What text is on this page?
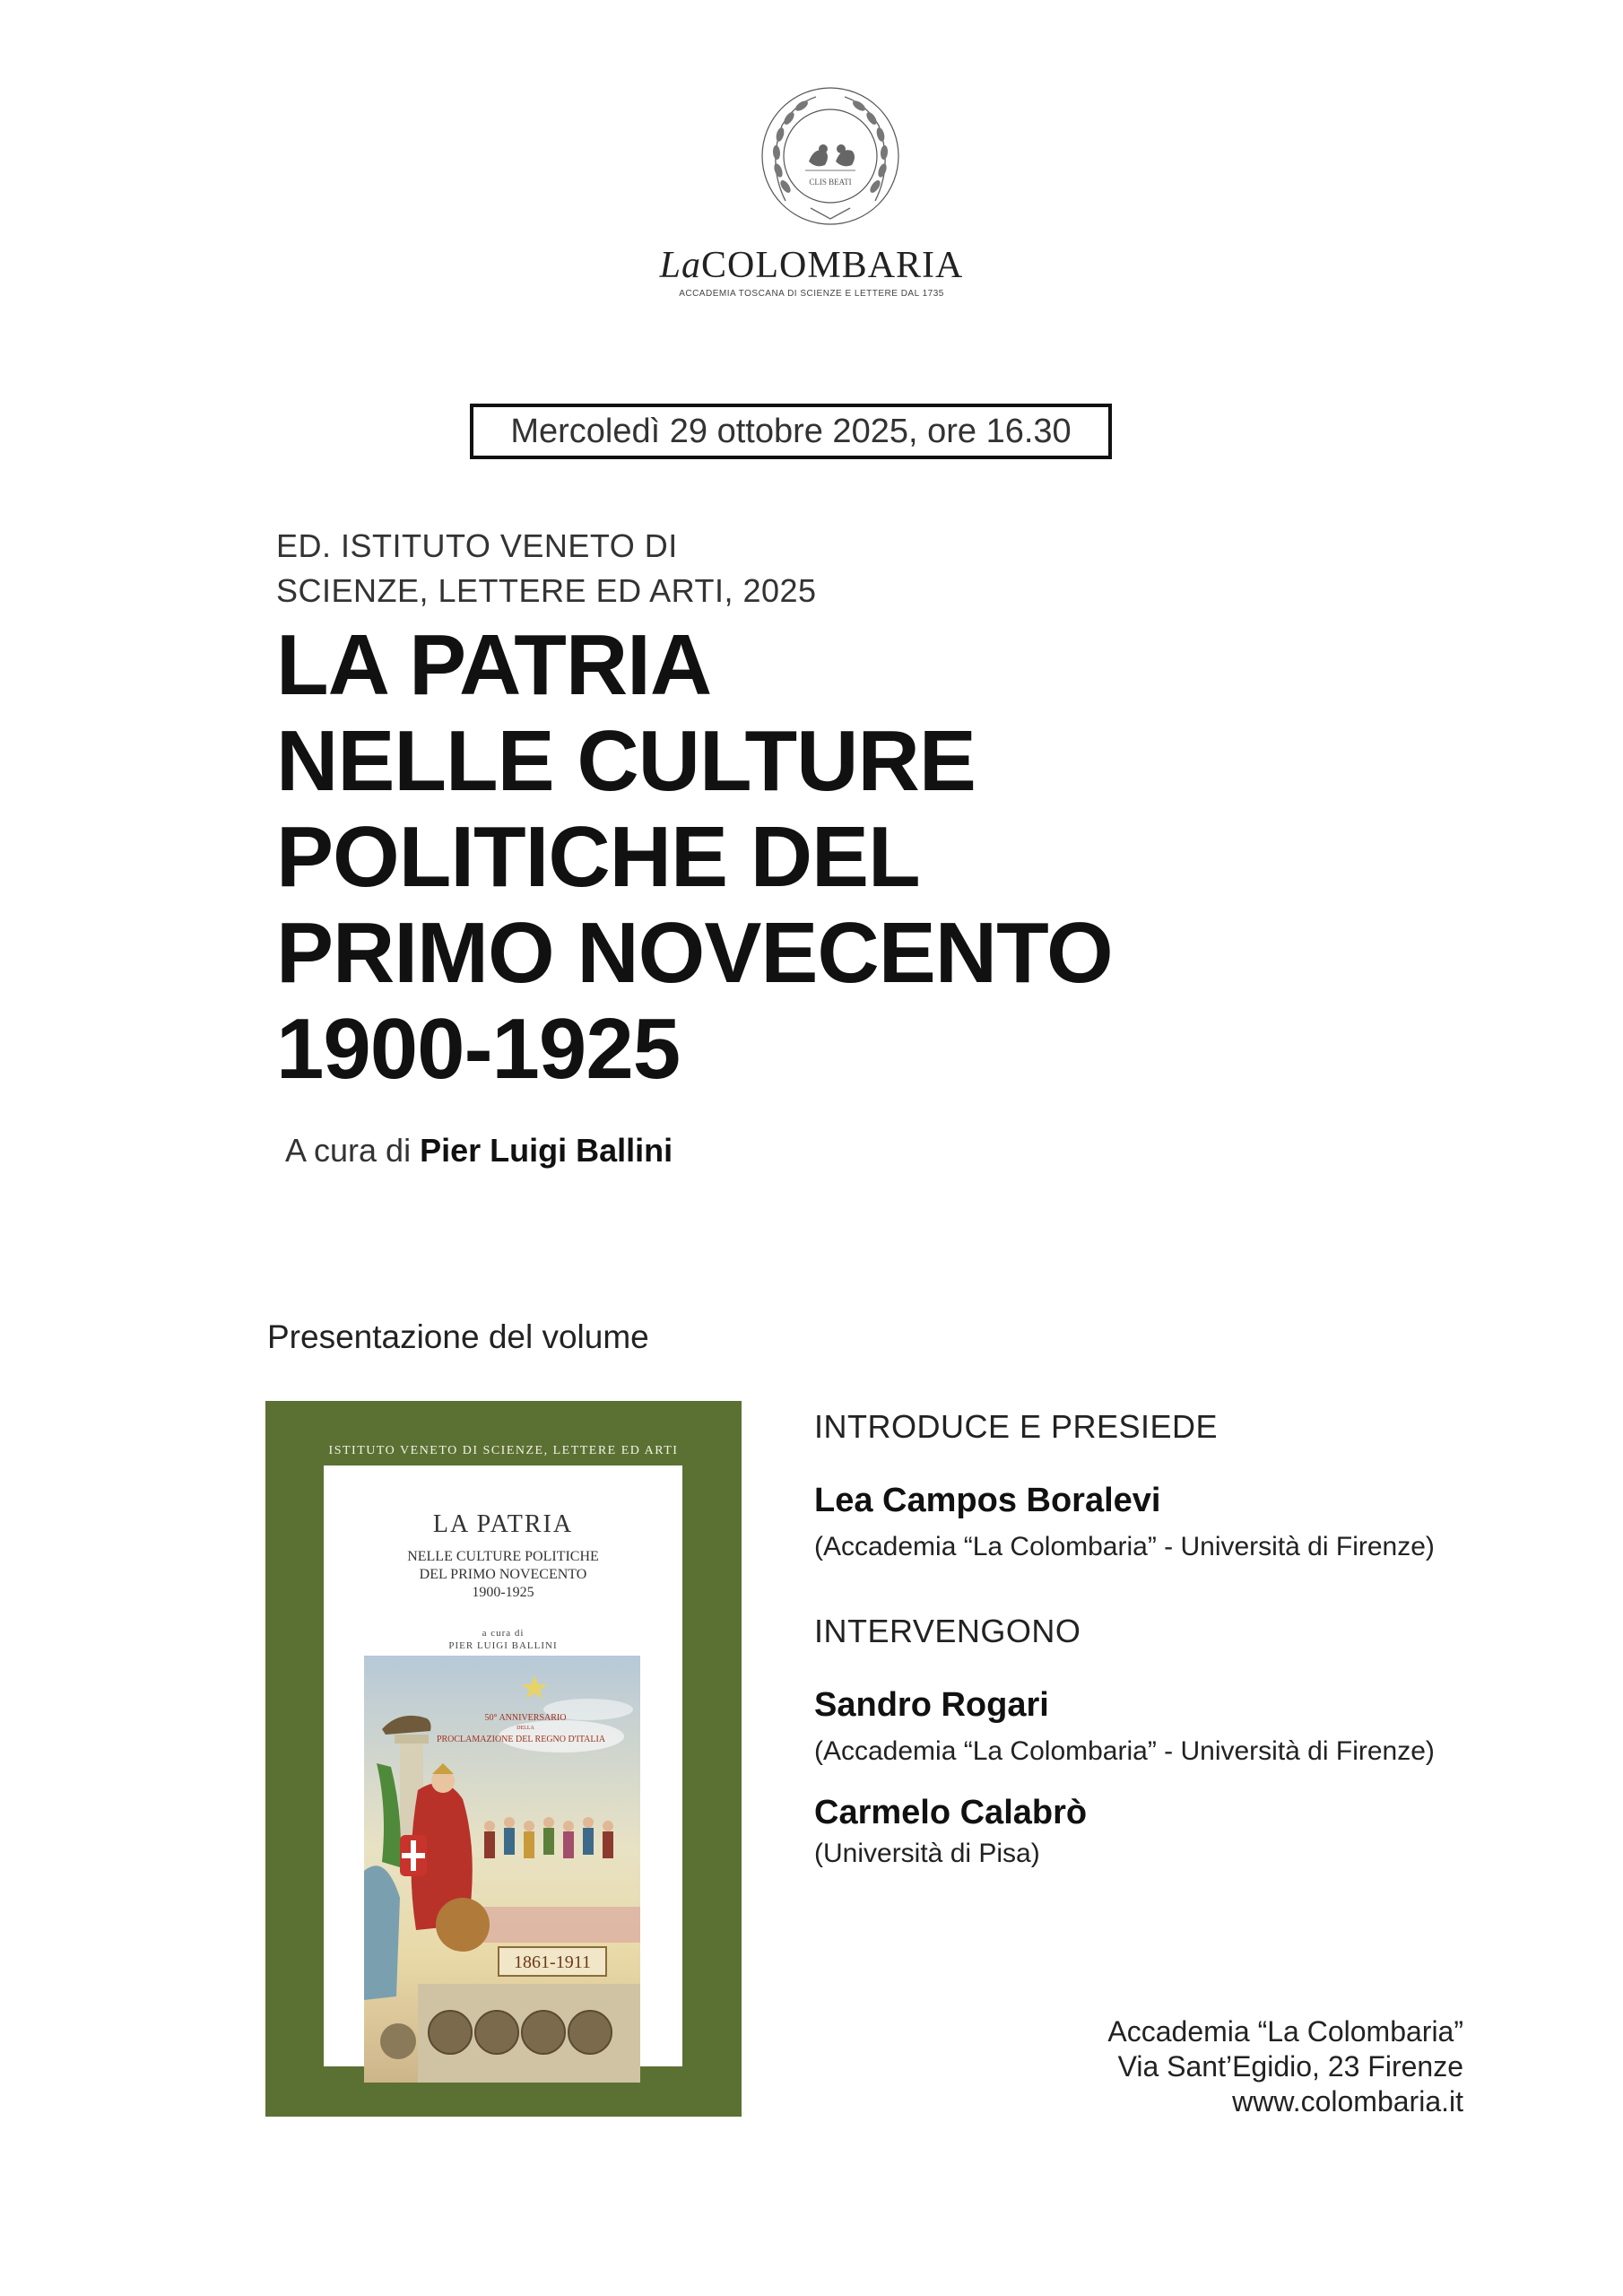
CLIS BEATI
LaCOLOMBARIA
ACCADEMIA TOSCANA DI SCIENZE E LETTERE DAL 1735
Mercoledì 29 ottobre 2025, ore 16.30
ED. ISTITUTO VENETO DI
SCIENZE, LETTERE ED ARTI, 2025
LA PATRIA
NELLE CULTURE
POLITICHE DEL
PRIMO NOVECENTO
1900-1925
A cura di Pier Luigi Ballini
Presentazione del volume
ISTITUTO VENETO DI SCIENZE, LETTERE ED ARTI
LA PATRIA
NELLE CULTURE POLITICHE
DEL PRIMO NOVECENTO
1900-1925
a cura di
PIER LUIGI BALLINI
50° ANNIVERSARIO
DELLA
PROCLAMAZIONE DEL REGNO D'ITALIA
1861-1911
INTRODUCE E PRESIEDE
Lea Campos Boralevi
(Accademia “La Colombaria” - Università di Firenze)
INTERVENGONO
Sandro Rogari
(Accademia “La Colombaria” - Università di Firenze)
Carmelo Calabrò
(Università di Pisa)
Accademia “La Colombaria”
Via Sant’Egidio, 23 Firenze
www.colombaria.it
